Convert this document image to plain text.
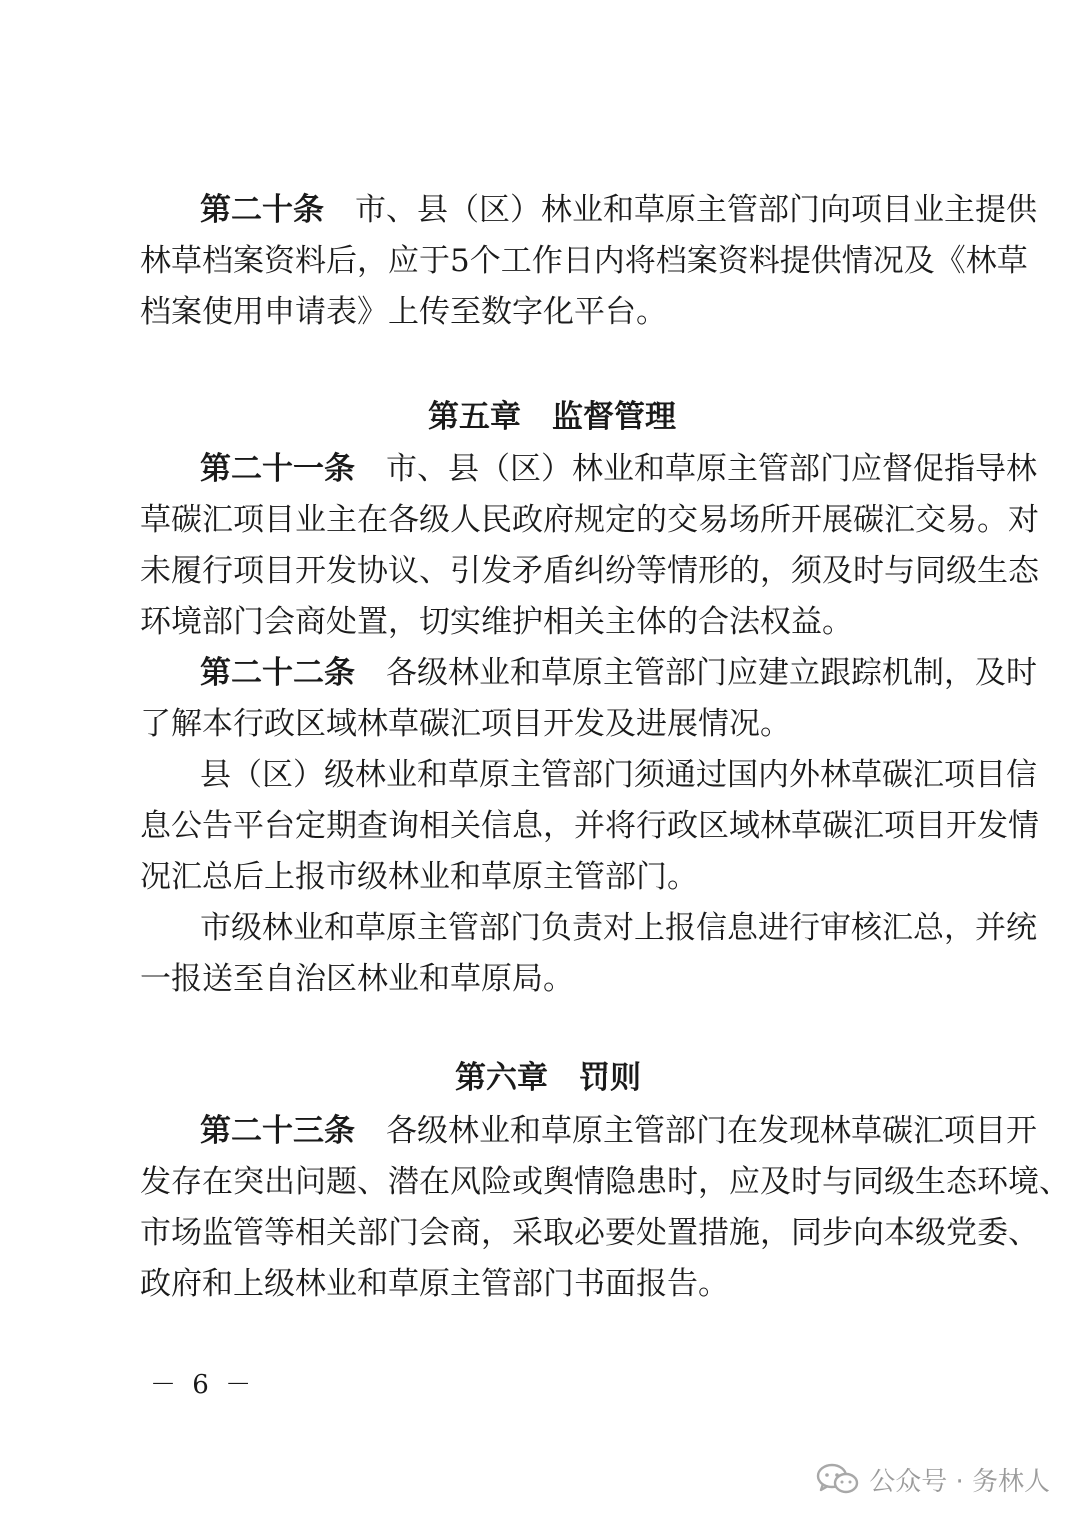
第二十条  市、县（区）林业和草原主管部门向项目业主提供
林草档案资料后，应于5个工作日内将档案资料提供情况及《林草
档案使用申请表》上传至数字化平台。
第五章　监督管理
第二十一条  市、县（区）林业和草原主管部门应督促指导林
草碳汇项目业主在各级人民政府规定的交易场所开展碳汇交易。对
未履行项目开发协议、引发矛盾纠纷等情形的，须及时与同级生态
环境部门会商处置，切实维护相关主体的合法权益。
第二十二条  各级林业和草原主管部门应建立跟踪机制，及时
了解本行政区域林草碳汇项目开发及进展情况。
县（区）级林业和草原主管部门须通过国内外林草碳汇项目信
息公告平台定期查询相关信息，并将行政区域林草碳汇项目开发情
况汇总后上报市级林业和草原主管部门。
市级林业和草原主管部门负责对上报信息进行审核汇总，并统
一报送至自治区林业和草原局。
第六章　罚则
第二十三条  各级林业和草原主管部门在发现林草碳汇项目开
发存在突出问题、潜在风险或舆情隐患时，应及时与同级生态环境、
市场监管等相关部门会商，采取必要处置措施，同步向本级党委、
政府和上级林业和草原主管部门书面报告。
－ 6 －
公众号 · 务林人
